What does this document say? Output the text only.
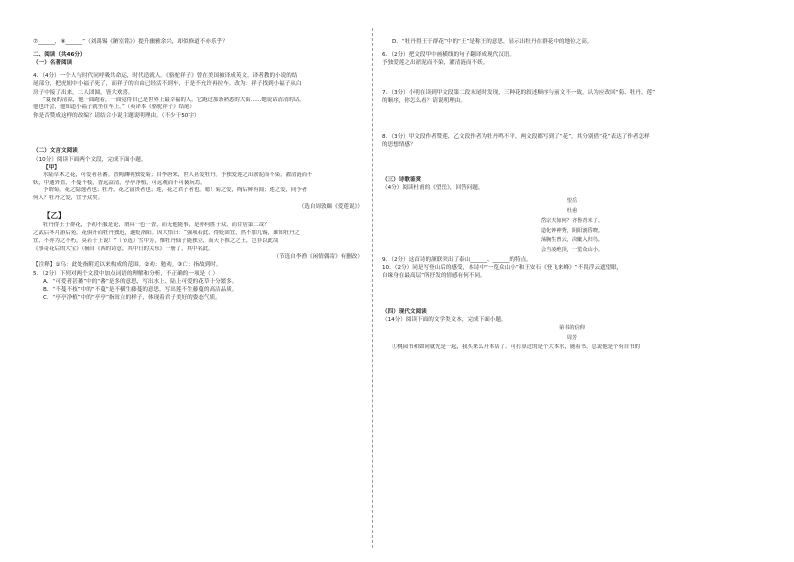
⑦______，⑧______”（刘禹锡《陋室铭》）提升幽雅余兴，却似修道不亦乐乎？

二、阅读（共46分）

（一）名著阅读

4．（4分）一个人与时代同呼吸共命运，时代造就人。《骆驼祥子》曾在美国被译成英文，译者教的小说的结

尾部分，把虎妞中小福子死了，而祥子的自由已经活不到车，于是不允许再拉车。改为：祥子找到小福子从白

房子中接了出来，二人团圆，皆大欢喜。

“夏夜的清凉，他一面跑着，一面觉得自己是世界上最幸福的人。它跑过那条熟悉的大街……她说话清清的话，

他也许会，他知道小福子就坐在车上。”（英译本《骆驼祥子》结尾）

你是否赞成这样的改编？请结合小说主题说明理由。（不少于50字）

（二）文言文阅读

（10分）阅读下面两个文段，完成下面小题。

【甲】

水陆草木之花，可爱者甚蕃。晋陶渊明独爱菊；自李唐来，世人甚爱牡丹。予独爱莲之出淤泥而不染，濯清涟而不

妖，中通外直，不蔓不枝，香远益清，亭亭净植，可远观而不可亵玩焉。

予谓菊，花之隐逸者也；牡丹，花之富贵者也；莲，花之君子者也。噫！菊之爱，陶后鲜有闻；莲之爱，同予者

何人？牡丹之爱，宜乎众矣。

（选自周敦颐《爱莲说》）

【乙】

牡丹得王于群花，予初不服是论，谓具一色一香，而无他能事，是亦何胜于众，而甘居第二哉？

之武后冬月游后苑，花俱开而牡丹独迟，遂贬洛阳。因大悟曰：“强项若此，得贬固宜，然不加九锡，谁知牡丹之

宜，不亦为之不朽，莫若于上说！”（节选）雪中芳，惟牡丹仙子能独立，而天下推之之王，岂非以此哉

《事奇花后的大宝》（摘自《西的诗意，其中日的关东》一册了，其中名此。

（节选自李渔《闲情偶寄》有删改）

【注释】①乌：此处指附近以来构成的范围。②劝：勉劝。③亡：指故到时。

5．（2分）下列对两个文段中加点词语的理解和分析，不正确的一项是（ ）

A．“可爱者甚蕃”中的“蕃”是多的意思，写出水上、陆上可爱的花草十分繁多。

B．“不蔓不枝”中的“不蔓”是不横生藤蔓的意思，写出莲不生藤蔓的高洁品质。

C．“亭亭净植”中的“亭亭”指耸立的样子，体现着君子美好的姿态气质。

D．“牡丹得王于群花”中的“王”是称王的意思，显示出牡丹在群花中的地位之高。

6．（2分）把文段甲中画横线的句子翻译成现代汉语。

予独爱莲之出淤泥而不染，濯清涟而不妖。

7．（3分）小明在读到甲文段第二段末尾时发现，三种花的叙述顺序与前文不一致，认为应改回“菊、牡丹、莲”

的顺序，你怎么看？请说明理由。

8．（3分）甲文段作者赞莲，乙文段作者为牡丹鸣不平，两文段都写到了“花”，其分别借“花”表达了作者怎样

的思想情感？

（三）诗歌鉴赏

（4分）阅读杜甫的《望岳》，回答问题。

望岳

杜甫

岱宗夫如何？齐鲁青未了。

造化钟神秀，阴阳割昏晓。

荡胸生曾云，决眦入归鸟。

会当凌绝顶，一览众山小。

9．（2分）这首诗的颔联突出了泰山______、______的特点。

10．（2分）同是写登山后的感受，本诗中“一览众山小”和王安石《登飞来峰》“不畏浮云遮望眼，

自缘身在最高层”所抒发的情感有何不同。

（四）现代文阅读

（14分）阅读下面的文学类文本，完成下面小题。

第书的信仰

周芳

①桃园书和如同就先是一起，我买来么开本店了。可打算过的是个大本水，随着书，总说他是个有自书的
